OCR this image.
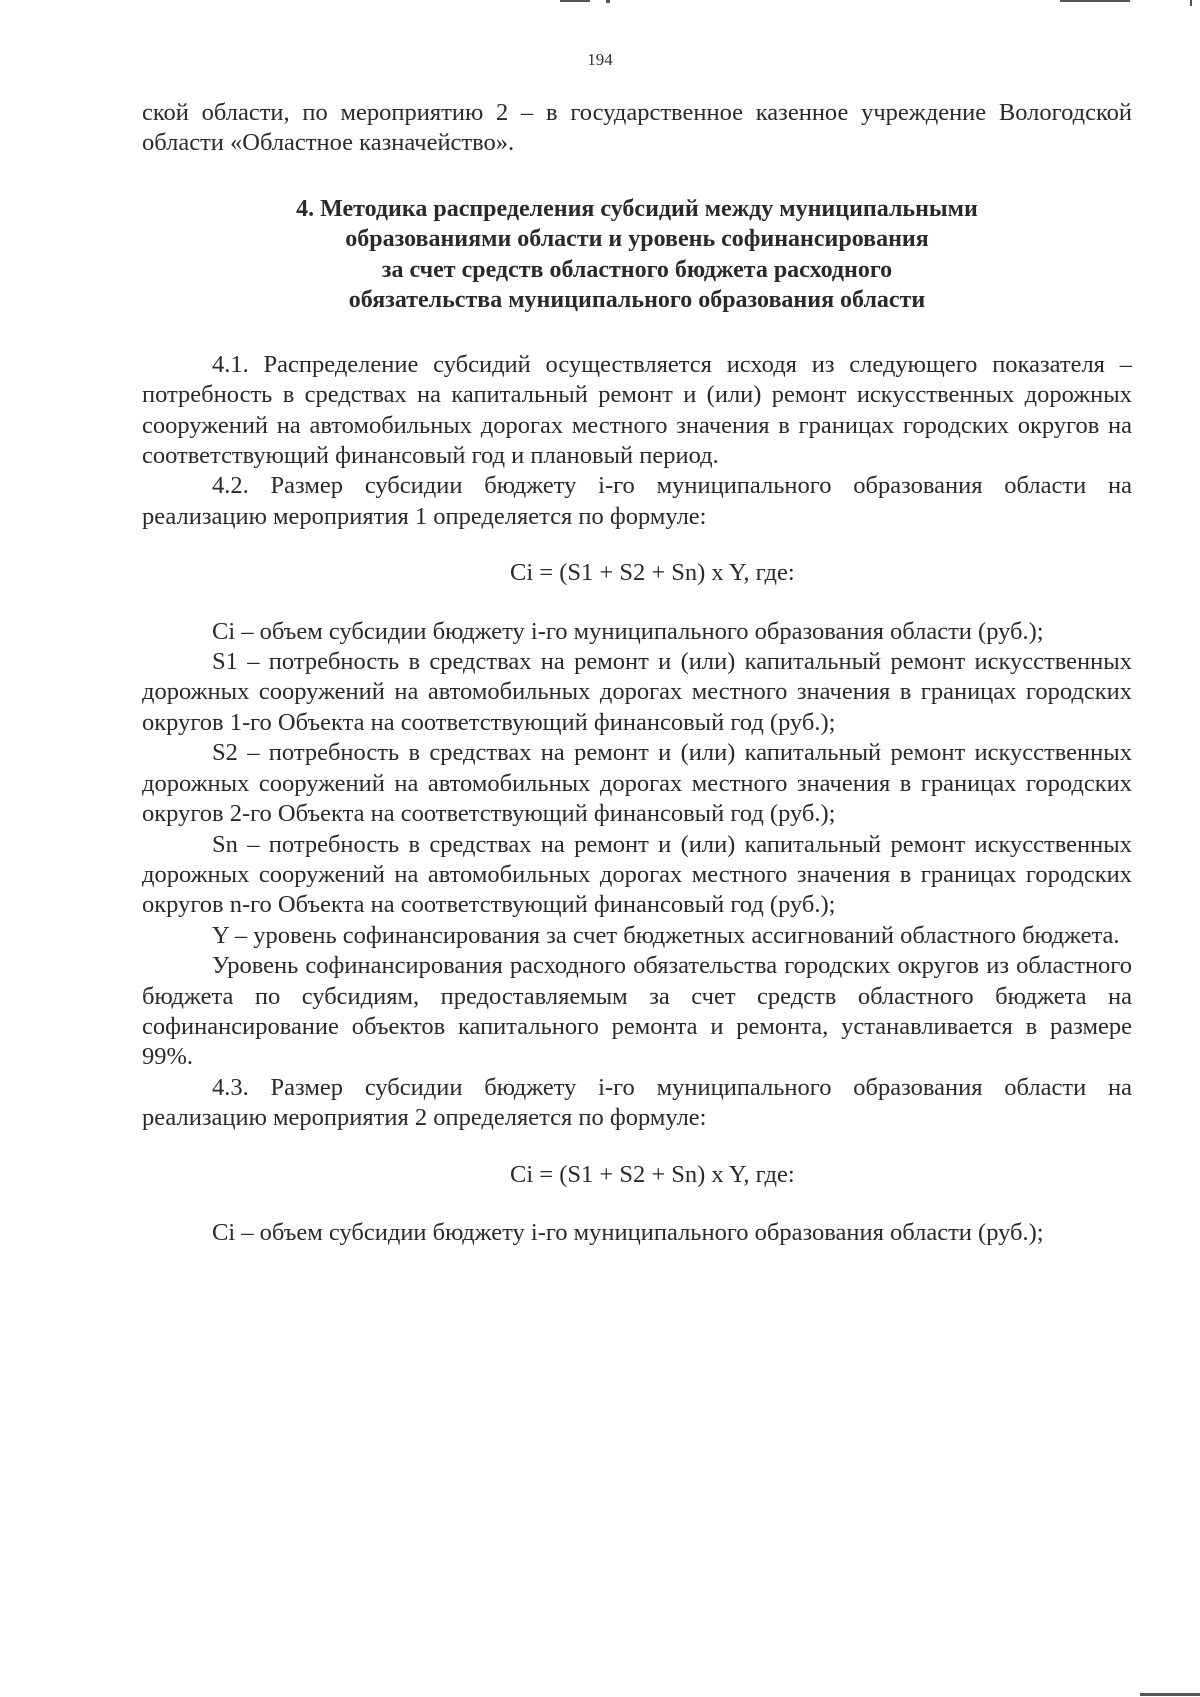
194

ской области, по мероприятию 2 – в государственное казенное учреждение Вологодской области «Областное казначейство».

4. Методика распределения субсидий между муниципальными
образованиями области и уровень софинансирования
за счет средств областного бюджета расходного
обязательства муниципального образования области

4.1. Распределение субсидий осуществляется исходя из следующего показателя – потребность в средствах на капитальный ремонт и (или) ремонт искусственных дорожных сооружений на автомобильных дорогах местного значения в границах городских округов на соответствующий финансовый год и плановый период.

4.2. Размер субсидии бюджету i-го муниципального образования области на реализацию мероприятия 1 определяется по формуле:

Ci = (S1 + S2 + Sn) x Y, где:

Ci – объем субсидии бюджету i-го муниципального образования области (руб.);

S1 – потребность в средствах на ремонт и (или) капитальный ремонт искусственных дорожных сооружений на автомобильных дорогах местного значения в границах городских округов 1-го Объекта на соответствующий финансовый год (руб.);

S2 – потребность в средствах на ремонт и (или) капитальный ремонт искусственных дорожных сооружений на автомобильных дорогах местного значения в границах городских округов 2-го Объекта на соответствующий финансовый год (руб.);

Sn – потребность в средствах на ремонт и (или) капитальный ремонт искусственных дорожных сооружений на автомобильных дорогах местного значения в границах городских округов n-го Объекта на соответствующий финансовый год (руб.);

Y – уровень софинансирования за счет бюджетных ассигнований областного бюджета.

Уровень софинансирования расходного обязательства городских округов из областного бюджета по субсидиям, предоставляемым за счет средств областного бюджета на софинансирование объектов капитального ремонта и ремонта, устанавливается в размере 99%.

4.3. Размер субсидии бюджету i-го муниципального образования области на реализацию мероприятия 2 определяется по формуле:

Ci = (S1 + S2 + Sn) x Y, где:

Ci – объем субсидии бюджету i-го муниципального образования области (руб.);
